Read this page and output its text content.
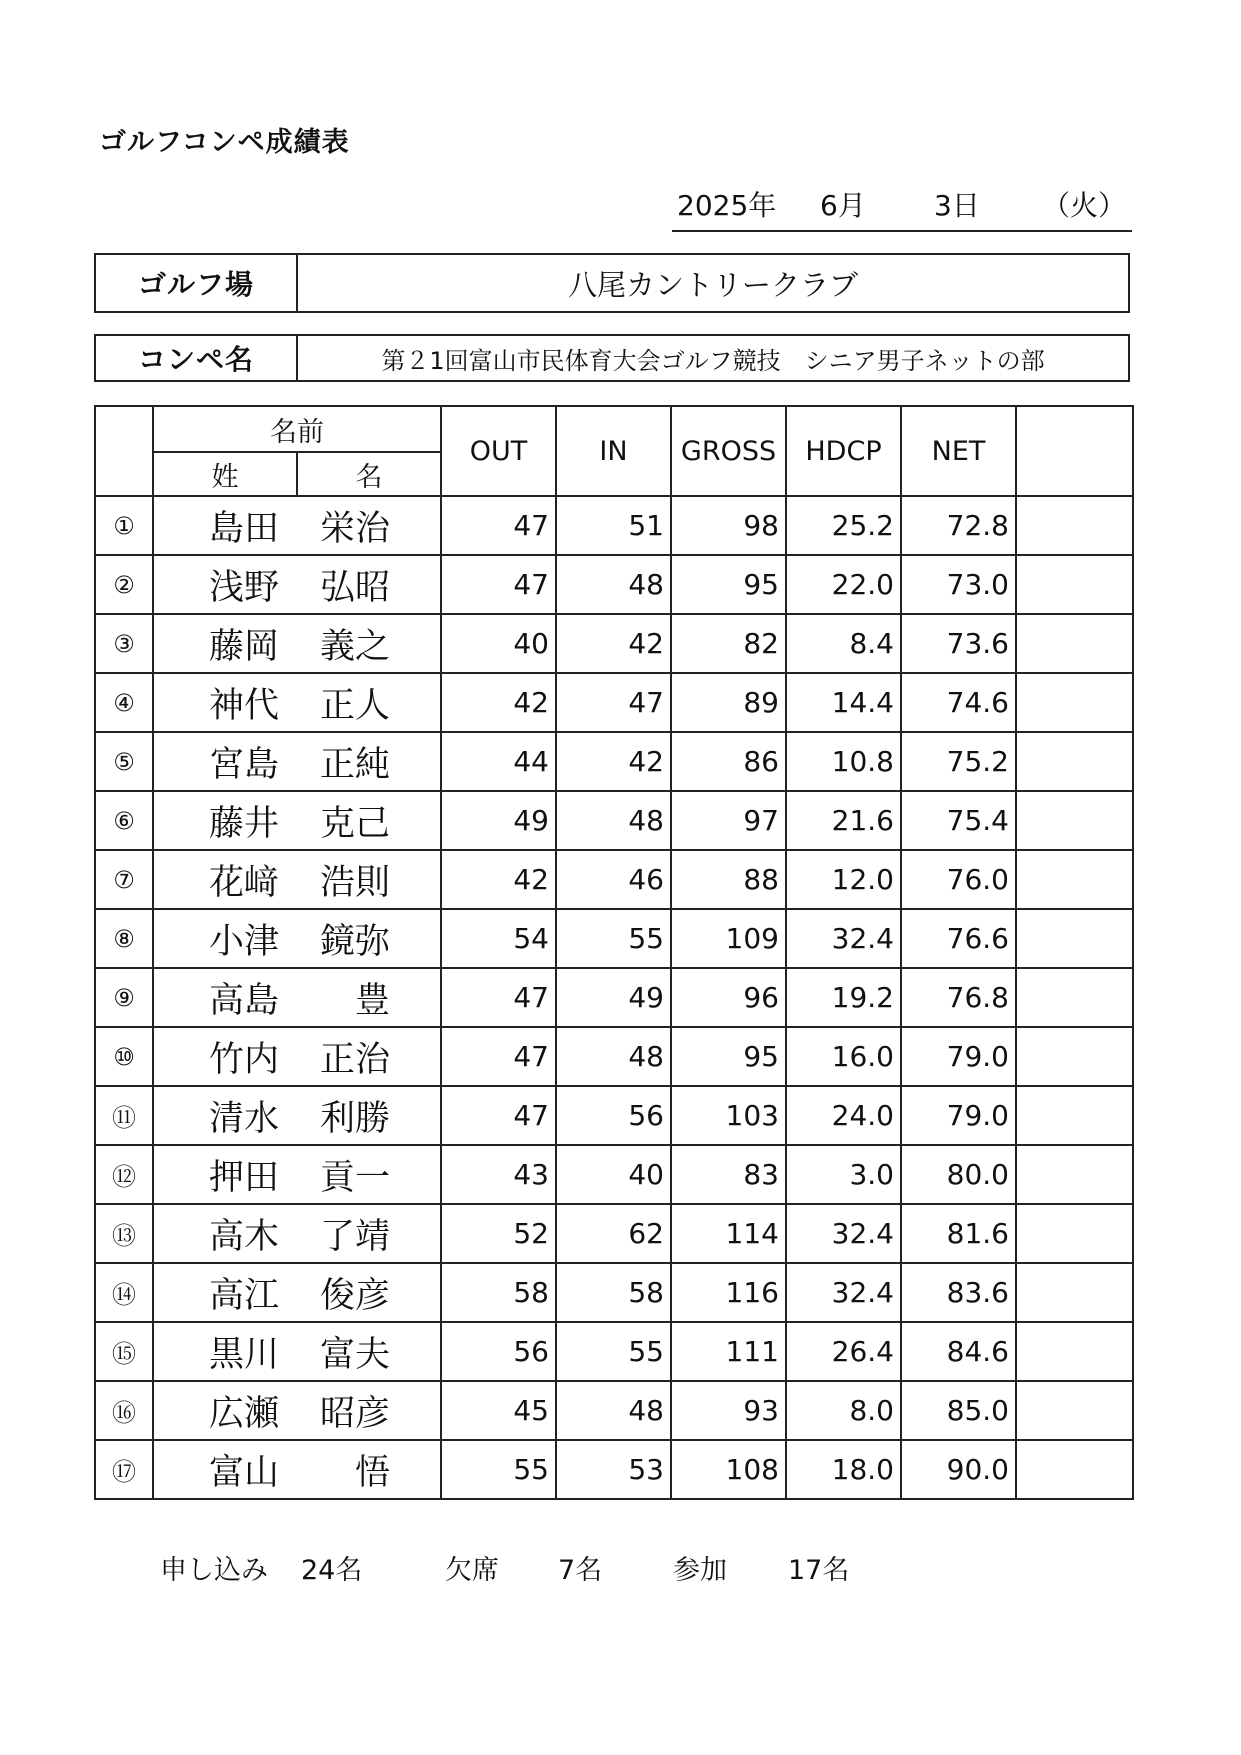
ゴルフコンペ成績表
2025年 6月 3日 （火）
ゴルフ場	八尾カントリークラブ
コンペ名	第２1回富山市民体育大会ゴルフ競技　シニア男子ネットの部
	名前		OUT	IN	GROSS	HDCP	NET	
	姓	名						
①	島田	栄治	47	51	98	25.2	72.8	
②	浅野	弘昭	47	48	95	22.0	73.0	
③	藤岡	義之	40	42	82	8.4	73.6	
④	神代	正人	42	47	89	14.4	74.6	
⑤	宮島	正純	44	42	86	10.8	75.2	
⑥	藤井	克己	49	48	97	21.6	75.4	
⑦	花﨑	浩則	42	46	88	12.0	76.0	
⑧	小津	鏡弥	54	55	109	32.4	76.6	
⑨	高島	豊	47	49	96	19.2	76.8	
⑩	竹内	正治	47	48	95	16.0	79.0	
⑪	清水	利勝	47	56	103	24.0	79.0	
⑫	押田	貢一	43	40	83	3.0	80.0	
⑬	高木	了靖	52	62	114	32.4	81.6	
⑭	高江	俊彦	58	58	116	32.4	83.6	
⑮	黒川	富夫	56	55	111	26.4	84.6	
⑯	広瀬	昭彦	45	48	93	8.0	85.0	
⑰	富山	悟	55	53	108	18.0	90.0	
申し込み 24名	欠席 7名	参加 17名
